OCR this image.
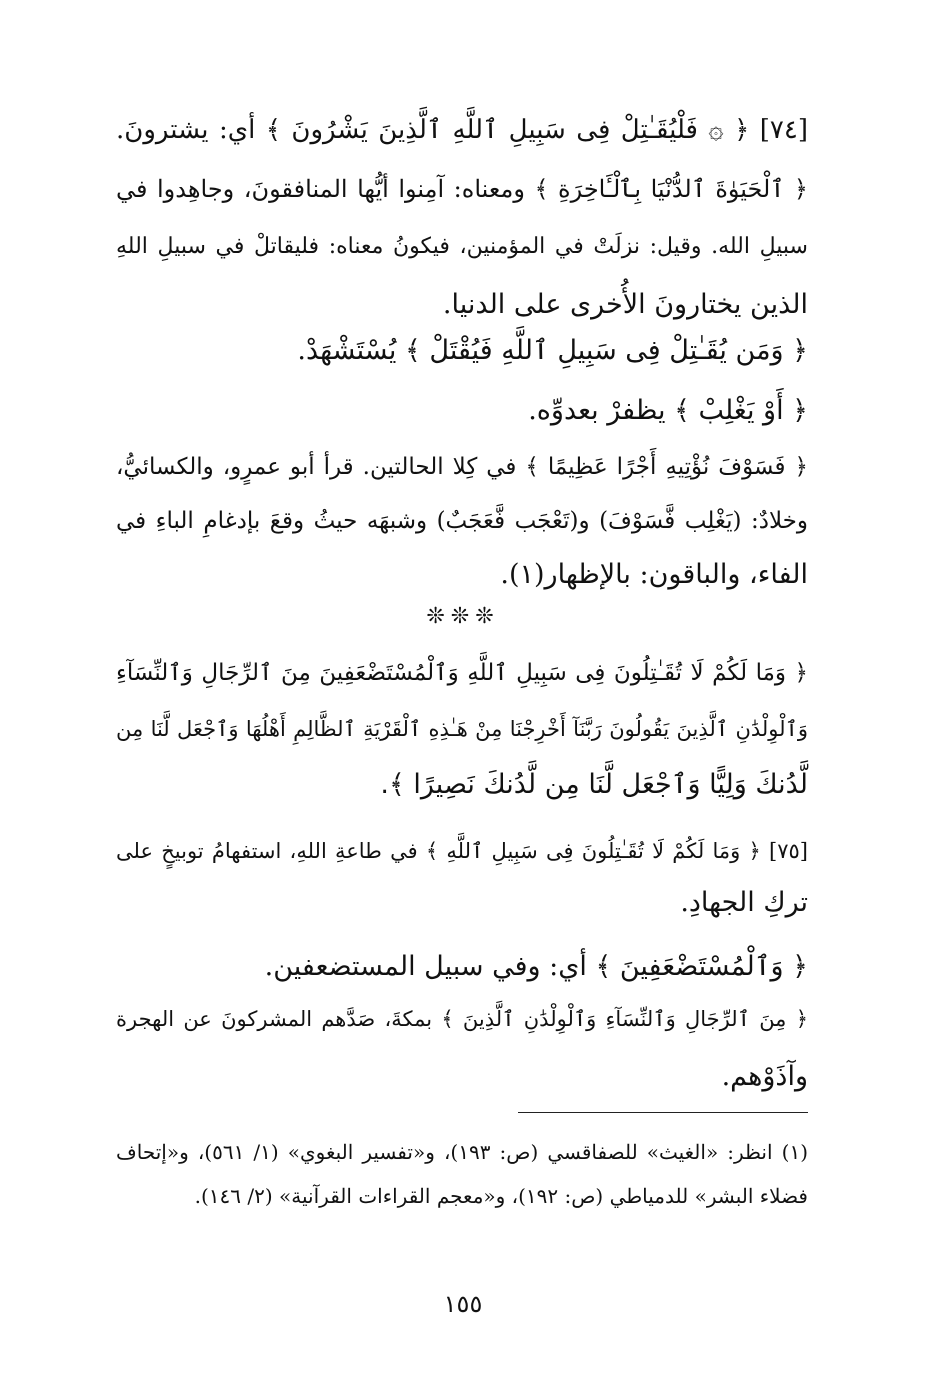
[٧٤] ﴿ ۞ فَلْيُقَـٰتِلْ فِى سَبِيلِ ٱللَّهِ ٱلَّذِينَ يَشْرُونَ ﴾ أي: يشترونَ.
﴿ ٱلْحَيَوٰةَ ٱلدُّنْيَا بِٱلْـَٔاخِرَةِ ﴾ ومعناه: آمِنوا أيُّها المنافقونَ، وجاهِدوا في
سبيلِ الله. وقيل: نزلَتْ في المؤمنين، فيكونُ معناه: فليقاتلْ في سبيلِ اللهِ
الذين يختارونَ الأُخرى على الدنيا.
﴿ وَمَن يُقَـٰتِلْ فِى سَبِيلِ ٱللَّهِ فَيُقْتَلْ ﴾ يُسْتَشْهَدْ.
﴿ أَوْ يَغْلِبْ ﴾ يظفرْ بعدوِّه.
﴿ فَسَوْفَ نُؤْتِيهِ أَجْرًا عَظِيمًا ﴾ في كِلا الحالتين. قرأ أبو عمرٍو، والكسائيُّ،
وخلادٌ: (يَغْلِب فَّسَوْفَ) و(تَعْجَب فَّعَجَبٌ) وشبهَه حيثُ وقعَ بإدغامِ الباءِ في
الفاء، والباقون: بالإظهار(١).
❊❊❊
﴿ وَمَا لَكُمْ لَا تُقَـٰتِلُونَ فِى سَبِيلِ ٱللَّهِ وَٱلْمُسْتَضْعَفِينَ مِنَ ٱلرِّجَالِ وَٱلنِّسَآءِ
وَٱلْوِلْدَٰنِ ٱلَّذِينَ يَقُولُونَ رَبَّنَآ أَخْرِجْنَا مِنْ هَـٰذِهِ ٱلْقَرْيَةِ ٱلظَّالِمِ أَهْلُهَا وَٱجْعَل لَّنَا مِن
لَّدُنكَ وَلِيًّا وَٱجْعَل لَّنَا مِن لَّدُنكَ نَصِيرًا ﴾.
[٧٥] ﴿ وَمَا لَكُمْ لَا تُقَـٰتِلُونَ فِى سَبِيلِ ٱللَّهِ ﴾ في طاعةِ اللهِ، استفهامُ توبيخٍ على
تركِ الجهادِ.
﴿ وَٱلْمُسْتَضْعَفِينَ ﴾ أي: وفي سبيل المستضعفين.
﴿ مِنَ ٱلرِّجَالِ وَٱلنِّسَآءِ وَٱلْوِلْدَٰنِ ٱلَّذِينَ ﴾ بمكةَ، صَدَّهم المشركونَ عن الهجرة
وآذَوْهم.
(١) انظر: «الغيث» للصفاقسي (ص: ١٩٣)، و«تفسير البغوي» (١/ ٥٦١)، و«إتحاف
فضلاء البشر» للدمياطي (ص: ١٩٢)، و«معجم القراءات القرآنية» (٢/ ١٤٦).
١٥٥
